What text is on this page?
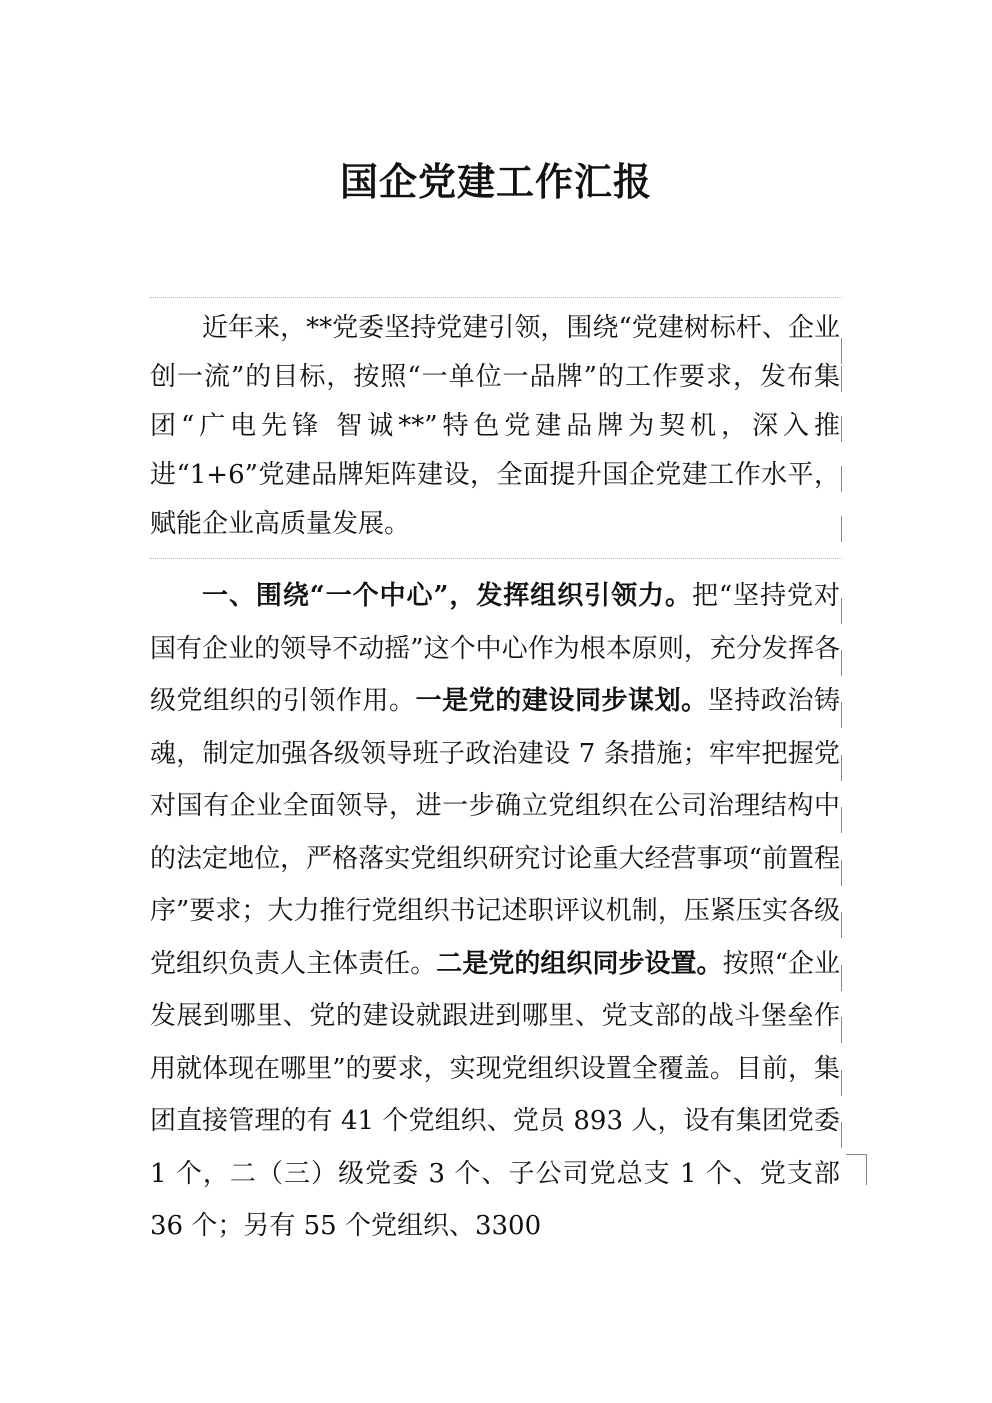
国企党建工作汇报

近年来，**党委坚持党建引领，围绕“党建树标杆、企业创一流”的目标，按照“一单位一品牌”的工作要求，发布集团“广电先锋 智诚**”特色党建品牌为契机，深入推进“1+6”党建品牌矩阵建设，全面提升国企党建工作水平，赋能企业高质量发展。

一、围绕“一个中心”，发挥组织引领力。把“坚持党对国有企业的领导不动摇”这个中心作为根本原则，充分发挥各级党组织的引领作用。一是党的建设同步谋划。坚持政治铸魂，制定加强各级领导班子政治建设 7 条措施；牢牢把握党对国有企业全面领导，进一步确立党组织在公司治理结构中的法定地位，严格落实党组织研究讨论重大经营事项“前置程序”要求；大力推行党组织书记述职评议机制，压紧压实各级党组织负责人主体责任。二是党的组织同步设置。按照“企业发展到哪里、党的建设就跟进到哪里、党支部的战斗堡垒作用就体现在哪里”的要求，实现党组织设置全覆盖。目前，集团直接管理的有 41 个党组织、党员 893 人，设有集团党委 1 个，二（三）级党委 3 个、子公司党总支 1 个、党支部 36 个；另有 55 个党组织、3300
